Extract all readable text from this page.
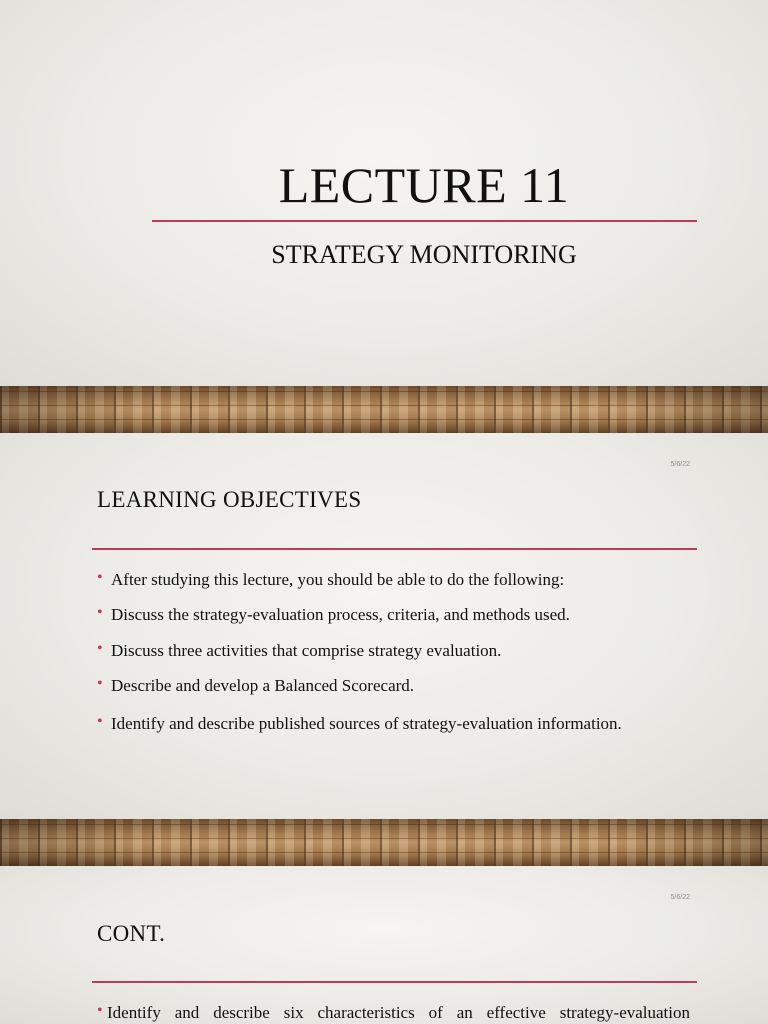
LECTURE 11
STRATEGY MONITORING
5/6/22
LEARNING OBJECTIVES
• After studying this lecture, you should be able to do the following:
• Discuss the strategy-evaluation process, criteria, and methods used.
• Discuss three activities that comprise strategy evaluation.
• Describe and develop a Balanced Scorecard.
• Identify and describe published sources of strategy-evaluation information.
5/6/22
CONT.
• Identify and describe six characteristics of an effective strategy-evaluation
